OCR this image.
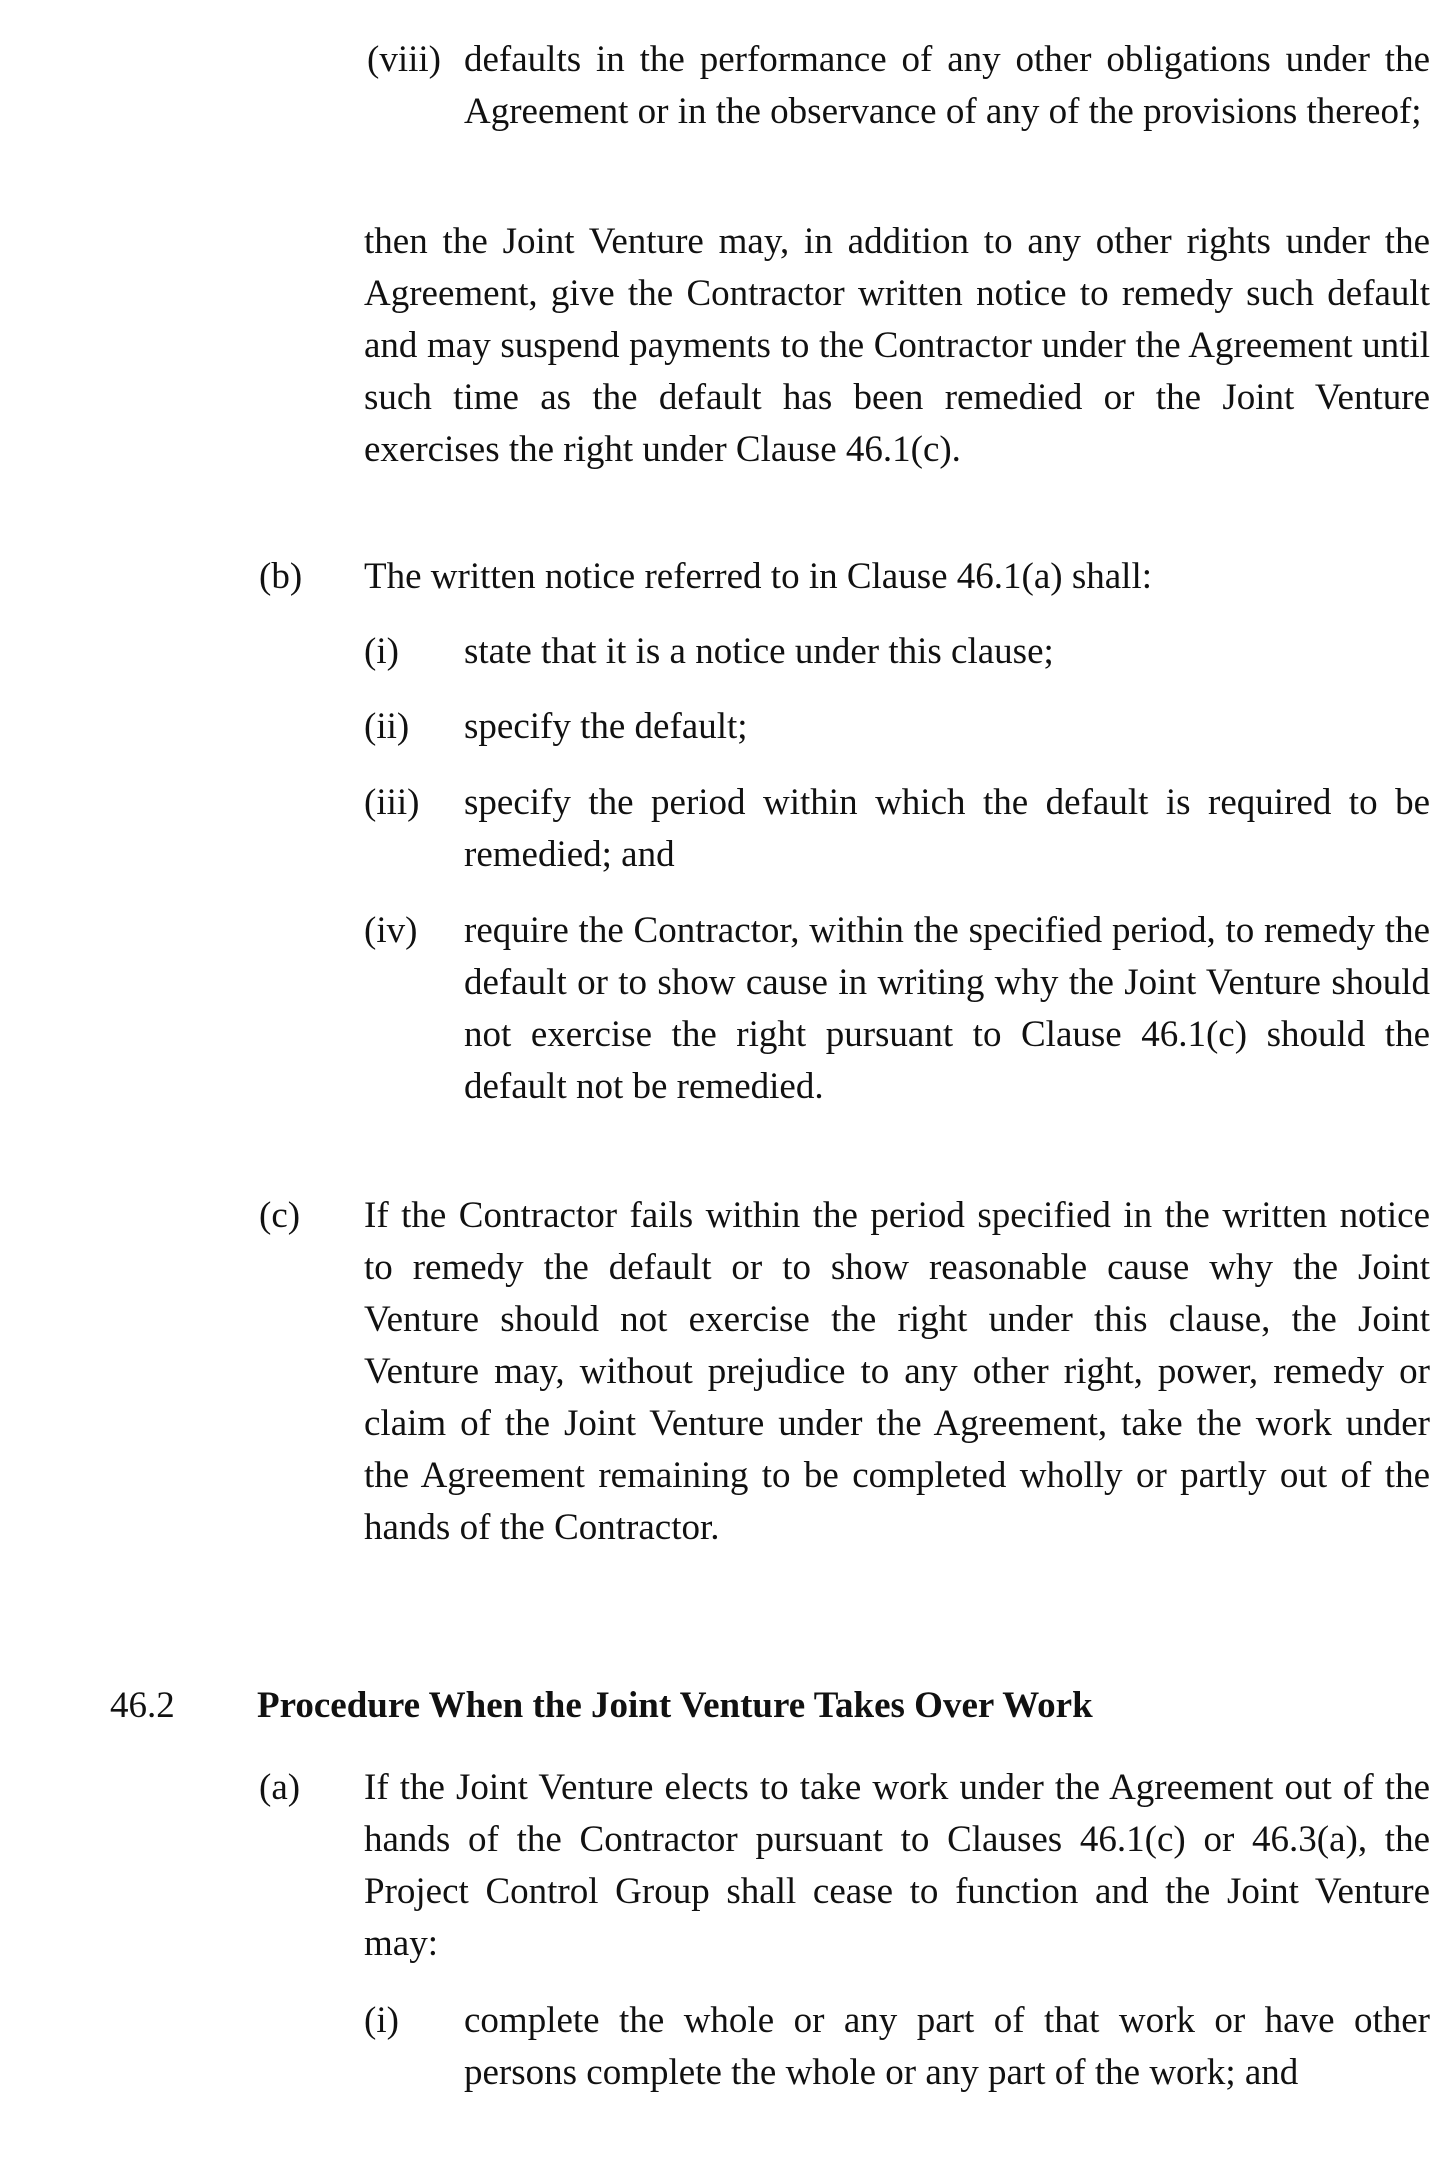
(viii) defaults in the performance of any other obligations under the Agreement or in the observance of any of the provisions thereof;

then the Joint Venture may, in addition to any other rights under the Agreement, give the Contractor written notice to remedy such default and may suspend payments to the Contractor under the Agreement until such time as the default has been remedied or the Joint Venture exercises the right under Clause 46.1(c).

(b) The written notice referred to in Clause 46.1(a) shall:

(i) state that it is a notice under this clause;

(ii) specify the default;

(iii) specify the period within which the default is required to be remedied; and

(iv) require the Contractor, within the specified period, to remedy the default or to show cause in writing why the Joint Venture should not exercise the right pursuant to Clause 46.1(c) should the default not be remedied.

(c) If the Contractor fails within the period specified in the written notice to remedy the default or to show reasonable cause why the Joint Venture should not exercise the right under this clause, the Joint Venture may, without prejudice to any other right, power, remedy or claim of the Joint Venture under the Agreement, take the work under the Agreement remaining to be completed wholly or partly out of the hands of the Contractor.

46.2 Procedure When the Joint Venture Takes Over Work
(a) If the Joint Venture elects to take work under the Agreement out of the hands of the Contractor pursuant to Clauses 46.1(c) or 46.3(a), the Project Control Group shall cease to function and the Joint Venture may:

(i) complete the whole or any part of that work or have other persons complete the whole or any part of the work; and
